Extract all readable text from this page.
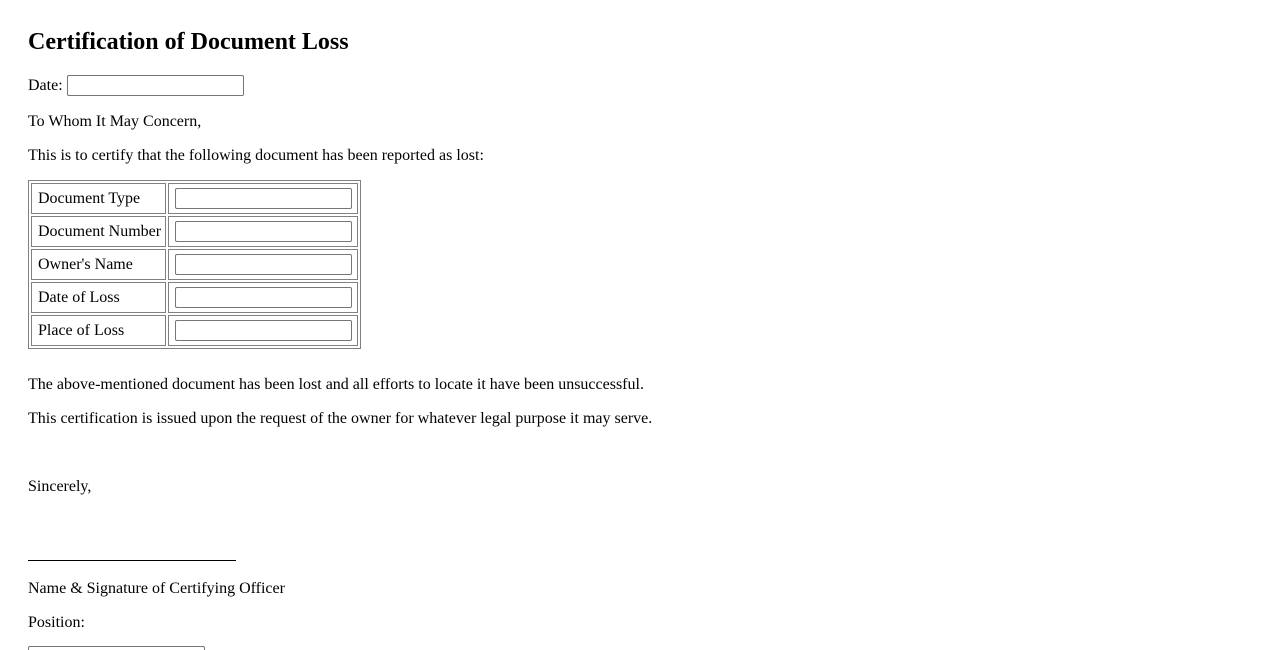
Certification of Document Loss
Date:

To Whom It May Concern,

This is to certify that the following document has been reported as lost:

Document Type	
Document Number	
Owner's Name	
Date of Loss	
Place of Loss	

The above-mentioned document has been lost and all efforts to locate it have been unsuccessful.

This certification is issued upon the request of the owner for whatever legal purpose it may serve.

Sincerely,

Name & Signature of Certifying Officer

Position:
